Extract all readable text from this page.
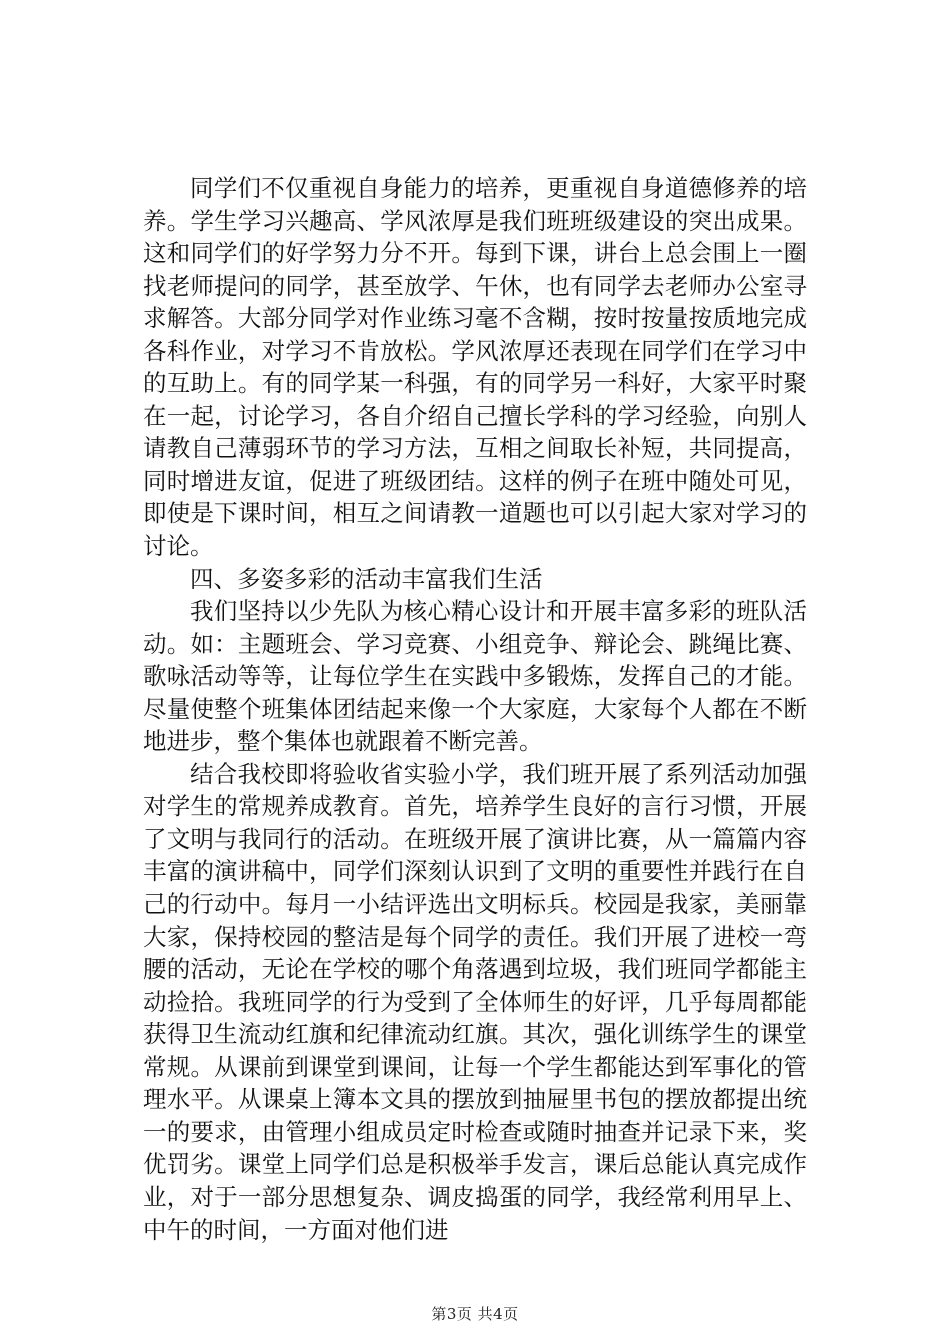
同学们不仅重视自身能力的培养，更重视自身道德修养的培养。学生学习兴趣高、学风浓厚是我们班班级建设的突出成果。这和同学们的好学努力分不开。每到下课，讲台上总会围上一圈找老师提问的同学，甚至放学、午休，也有同学去老师办公室寻求解答。大部分同学对作业练习毫不含糊，按时按量按质地完成各科作业，对学习不肯放松。学风浓厚还表现在同学们在学习中的互助上。有的同学某一科强，有的同学另一科好，大家平时聚在一起，讨论学习，各自介绍自己擅长学科的学习经验，向别人请教自己薄弱环节的学习方法，互相之间取长补短，共同提高，同时增进友谊，促进了班级团结。这样的例子在班中随处可见，即使是下课时间，相互之间请教一道题也可以引起大家对学习的讨论。

四、多姿多彩的活动丰富我们生活

我们坚持以少先队为核心精心设计和开展丰富多彩的班队活动。如：主题班会、学习竞赛、小组竞争、辩论会、跳绳比赛、歌咏活动等等，让每位学生在实践中多锻炼，发挥自己的才能。尽量使整个班集体团结起来像一个大家庭，大家每个人都在不断地进步，整个集体也就跟着不断完善。

结合我校即将验收省实验小学，我们班开展了系列活动加强对学生的常规养成教育。首先，培养学生良好的言行习惯，开展了文明与我同行的活动。在班级开展了演讲比赛，从一篇篇内容丰富的演讲稿中，同学们深刻认识到了文明的重要性并践行在自己的行动中。每月一小结评选出文明标兵。校园是我家，美丽靠大家，保持校园的整洁是每个同学的责任。我们开展了进校一弯腰的活动，无论在学校的哪个角落遇到垃圾，我们班同学都能主动捡拾。我班同学的行为受到了全体师生的好评，几乎每周都能获得卫生流动红旗和纪律流动红旗。其次，强化训练学生的课堂常规。从课前到课堂到课间，让每一个学生都能达到军事化的管理水平。从课桌上簿本文具的摆放到抽屉里书包的摆放都提出统一的要求，由管理小组成员定时检查或随时抽查并记录下来，奖优罚劣。课堂上同学们总是积极举手发言，课后总能认真完成作业，对于一部分思想复杂、调皮捣蛋的同学，我经常利用早上、中午的时间，一方面对他们进

第3页 共4页
